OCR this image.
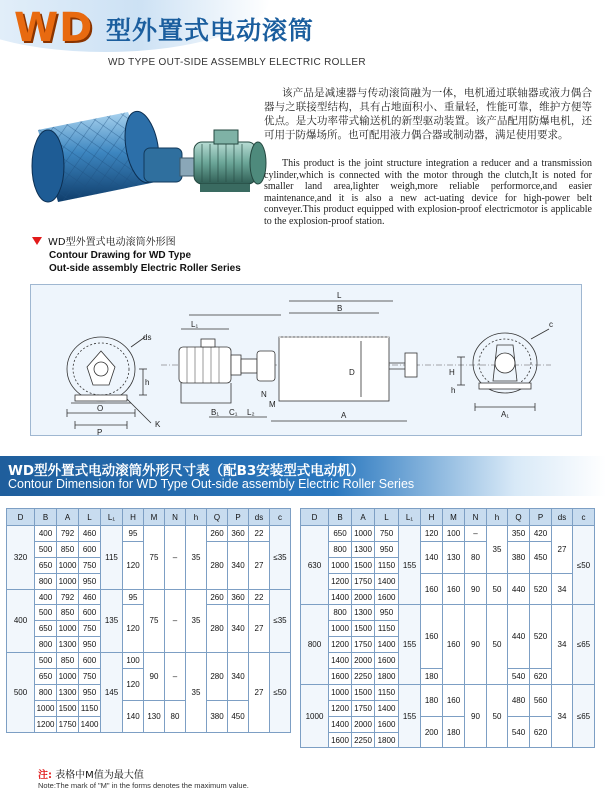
WD 型外置式电动滚筒
WD TYPE OUT-SIDE ASSEMBLY ELECTRIC ROLLER

该产品是减速器与传动滚筒融为一体，电机通过联轴器或液力偶合器与之联接型结构，具有占地面积小、重量轻，性能可靠，维护方便等优点。是大功率带式输送机的新型驱动装置。该产品配用防爆电机，还可用于防爆场所。也可配用液力偶合器或制动器，满足使用要求。

This product is the joint structure integration a reducer and a transmission cylinder,which is connected with the motor through the clutch,It is noted for smaller land area,lighter weigh,more reliable perform​orce,and easier maintenance,and it is also a new act-uating device for high-power belt conveyer.This product equipped with explosion-proof electricmotor is applicable to the explosion-proof station.

WD型外置式电动滚筒外形图
Contour Drawing for WD Type
Out-side assembly Electric Roller Series
ds
h
O
P
K
L₁
B
L
D
B₁ C₁ L₂
N
M
A
H
h
A₁
c
WD型外置式电动滚筒外形尺寸表（配B3安装型式电动机）
Contour Dimension for WD Type Out-side assembly Electric Roller Series
D	B	A	L	L₁	H	M	N	h	Q	P	ds	c
320	400	792	460	115	95	75	–	35	260	360	22	≤35
	500	850	600		120				280	340	27	
	650	1000	750									
	800	1000	950									
400	400	792	460	135	95	75	–	35	260	360	22	≤35
	500	850	600		120				280	340	27	
	650	1000	750									
	800	1300	950									
500	500	850	600	145	100	90	–	35	280	340	27	≤50
	650	1000	750		120							
	800	1300	950									
	1000	1500	1150		140	130	80		380	450		
	1200	1750	1400									
D	B	A	L	L₁	H	M	N	h	Q	P	ds	c
630	650	1000	750	155	120	100	–	35	350	420	27	≤50
	800	1300	950		140	130	80		380	450		
	1000	1500	1150									
	1200	1750	1400		160	160	90	50	440	520	34	
	1400	2000	1600									
800	800	1300	950	155	160	160	90	50	440	520	34	≤65
	1000	1500	1150									
	1200	1750	1400									
	1400	2000	1600									
	1600	2250	1800		180				540	620		
1000	1000	1500	1150	155	180	160	90	50	480	560	34	≤65
	1200	1750	1400									
	1400	2000	1600		200	180			540	620		
	1600	2250	1800									
注: 表格中M值为最大值
Note:The mark of "M" in the forms denotes the maximum value.
